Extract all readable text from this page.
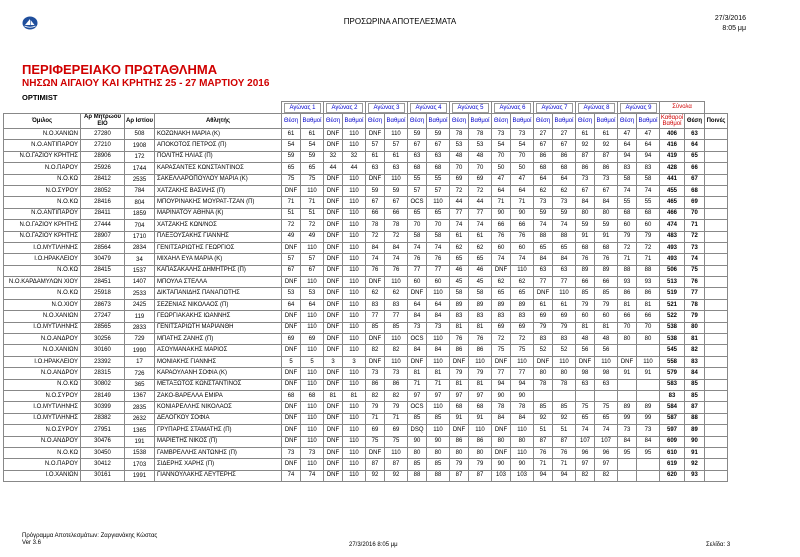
ΠΡΟΣΩΡΙΝΑ ΑΠΟΤΕΛΕΣΜΑΤΑ	27/3/2016
8:05 μμ
ΠΕΡΙΦΕΡΕΙΑΚΟ ΠΡΩΤΑΘΛΗΜΑ
ΝΗΣΩΝ ΑΙΓΑΙΟΥ ΚΑΙ ΚΡΗΤΗΣ 25 - 27 ΜΑΡΤΙΟΥ 2016
OPTIMIST
				Αγώνας 1		Αγώνας 2		Αγώνας 3		Αγώνας 4		Αγώνας 5		Αγώνας 6		Αγώνας 7		Αγώνας 8		Αγώνας 9		Σύνολα		
Όμιλος	Αρ Μητρώου ΕΙΟ	Αρ Ιστίου	Αθλητής	Θέση	Βαθμοί	Θέση	Βαθμοί	Θέση	Βαθμοί	Θέση	Βαθμοί	Θέση	Βαθμοί	Θέση	Βαθμοί	Θέση	Βαθμοί	Θέση	Βαθμοί	Θέση	Βαθμοί	Καθαροί Βαθμοί	Θέση	Ποινές
Ν.Ο.ΧΑΝΙΩΝ	27280	508	ΚΟΖΩΝΑΚΗ ΜΑΡΙΑ (Κ)	61	61	DNF	110	DNF	110	59	59	78	78	73	73	27	27	61	61	47	47	406	63	
Ν.Ο.ΑΝΤΙΠΑΡΟΥ	27210	1908	ΑΠΟΚΟΤΟΣ ΠΕΤΡΟΣ (Π)	54	54	DNF	110	57	57	67	67	53	53	54	54	67	67	92	92	64	64	416	64	
Ν.Ο.ΓΑΖΙΟΥ ΚΡΗΤΗΣ	28906	172	ΠΟΛΙΤΗΣ ΗΛΙΑΣ (Π)	59	59	32	32	61	61	63	63	48	48	70	70	86	86	87	87	94	94	419	65	
Ν.Ο.ΠΑΡΟΥ	25926	1744	ΚΑΡΑΣΑΝΤΕΣ ΚΩΝΣΤΑΝΤΙΝΟΣ	65	65	44	44	63	63	68	68	70	70	50	50	68	68	86	86	83	83	428	66	
Ν.Ο.ΚΩ	28412	2535	ΣΑΚΕΛΛΑΡΟΠΟΥΛΟΥ ΜΑΡΙΑ (Κ)	75	75	DNF	110	DNF	110	55	55	69	69	47	47	64	64	73	73	58	58	441	67	
Ν.Ο.ΣΥΡΟΥ	28052	784	ΧΑΤΖΑΚΗΣ ΒΑΣΙΛΗΣ (Π)	DNF	110	DNF	110	59	59	57	57	72	72	64	64	62	62	67	67	74	74	455	68	
Ν.Ο.ΚΩ	28416	804	ΜΠΟΥΡΙΝΑΚΗΣ ΜΟΥΡΑΤ-ΤΖΑΝ (Π)	71	71	DNF	110	67	67	OCS	110	44	44	71	71	73	73	84	84	55	55	465	69	
Ν.Ο.ΑΝΤΙΠΑΡΟΥ	28411	1859	ΜΑΡΙΝΑΤΟΥ ΑΘΗΝΑ (Κ)	51	51	DNF	110	66	66	65	65	77	77	90	90	59	59	80	80	68	68	466	70	
Ν.Ο.ΓΑΖΙΟΥ ΚΡΗΤΗΣ	27444	704	ΧΑΤΖΑΚΗΣ ΚΩΝ/ΝΟΣ	72	72	DNF	110	78	78	70	70	74	74	66	66	74	74	59	59	60	60	474	71	
Ν.Ο.ΓΑΖΙΟΥ ΚΡΗΤΗΣ	28907	1710	ΠΛΕΞΟΥΣΑΚΗΣ ΓΙΑΝΝΗΣ	49	49	DNF	110	72	72	58	58	61	61	76	76	88	88	91	91	79	79	483	72	
Ι.Ο.ΜΥΤΙΛΗΝΗΣ	28564	2834	ΓΕΝΙΤΣΑΡΙΩΤΗΣ ΓΕΩΡΓΙΟΣ	DNF	110	DNF	110	84	84	74	74	62	62	60	60	65	65	68	68	72	72	493	73	
Ι.Ο.ΗΡΑΚΛΕΙΟΥ	30479	34	ΜΙΧΑΗΛ ΕΥΑ ΜΑΡΙΑ (Κ)	57	57	DNF	110	74	74	76	76	65	65	74	74	84	84	76	76	71	71	493	74	
Ν.Ο.ΚΩ	28415	1537	ΚΑΠΑΣΑΚΑΛΗΣ ΔΗΜΗΤΡΗΣ (Π)	67	67	DNF	110	76	76	77	77	46	46	DNF	110	63	63	89	89	88	88	506	75	
Ν.Ο.ΚΑΡΔΑΜΥΛΩΝ ΧΙΟΥ	28451	1407	ΜΠΟΥΛΑ ΣΤΕΛΛΑ	DNF	110	DNF	110	DNF	110	60	60	45	45	62	62	77	77	66	66	93	93	513	76	
Ν.Ο.ΚΩ	25918	2533	ΔΙΚΤΑΠΑΝΙΔΗΣ ΠΑΝΑΓΙΩΤΗΣ	53	53	DNF	110	62	62	DNF	110	58	58	65	65	DNF	110	85	85	86	86	519	77	
Ν.Ο.ΧΙΟΥ	28673	2425	ΣΕΖΕΝΙΑΣ ΝΙΚΟΛΑΟΣ (Π)	64	64	DNF	110	83	83	64	64	89	89	89	89	61	61	79	79	81	81	521	78	
Ν.Ο.ΧΑΝΙΩΝ	27247	119	ΓΕΩΡΓΙΑΚΑΚΗΣ ΙΩΑΝΝΗΣ	DNF	110	DNF	110	77	77	84	84	83	83	83	83	69	69	60	60	66	66	522	79	
Ι.Ο.ΜΥΤΙΛΗΝΗΣ	28565	2833	ΓΕΝΙΤΣΑΡΙΩΤΗ ΜΑΡΙΑΝΘΗ	DNF	110	DNF	110	85	85	73	73	81	81	69	69	79	79	81	81	70	70	538	80	
Ν.Ο.ΑΝΔΡΟΥ	30256	729	ΜΠΑΤΗΣ ΖΑΝΗΣ (Π)	69	69	DNF	110	DNF	110	OCS	110	76	76	72	72	83	83	48	48	80	80	538	81	
Ν.Ο.ΧΑΝΙΩΝ	30160	1990	ΑΣΟΥΜΑΝΑΚΗΣ ΜΑΡΙΟΣ	DNF	110	DNF	110	82	82	84	84	86	86	75	75	52	52	56	56			545	82	
Ι.Ο.ΗΡΑΚΛΕΙΟΥ	23392	17	ΜΟΝΙΑΚΗΣ ΓΙΑΝΝΗΣ	5	5	3	3	DNF	110	DNF	110	DNF	110	DNF	110	DNF	110	DNF	110	DNF	110	558	83	
Ν.Ο.ΑΝΔΡΟΥ	28315	726	ΚΑΡΑΟΥΛΑΝΗ ΣΟΦΙΑ (Κ)	DNF	110	DNF	110	73	73	81	81	79	79	77	77	80	80	98	98	91	91	579	84	
Ν.Ο.ΚΩ	30802	365	ΜΕΤΑΞΩΤΟΣ ΚΩΝΣΤΑΝΤΙΝΟΣ	DNF	110	DNF	110	86	86	71	71	81	81	94	94	78	78	63	63			583	85	
Ν.Ο.ΣΥΡΟΥ	28149	1367	ΖΑΚΟ-ΒΑΡΕΛΛΑ ΕΜΙΡΑ	68	68	81	81	82	82	97	97	97	97	90	90							83	85	
Ι.Ο.ΜΥΤΙΛΗΝΗΣ	30399	2835	ΚΟΝΙΑΡΕΛΛΗΣ ΝΙΚΟΛΑΟΣ	DNF	110	DNF	110	79	79	OCS	110	68	68	78	78	85	85	75	75	89	89	584	87	
Ι.Ο.ΜΥΤΙΛΗΝΗΣ	28382	2632	ΔΕΛΟΓΚΟΥ ΣΟΦΙΑ	DNF	110	DNF	110	71	71	85	85	91	91	84	84	92	92	65	65	99	99	587	88	
Ν.Ο.ΣΥΡΟΥ	27951	1365	ΓΡΥΠΑΡΗΣ ΣΤΑΜΑΤΗΣ (Π)	DNF	110	DNF	110	69	69	DSQ	110	DNF	110	DNF	110	51	51	74	74	73	73	597	89	
Ν.Ο.ΑΝΔΡΟΥ	30476	191	ΜΑΡΙΕΤΗΣ ΝΙΚΟΣ (Π)	DNF	110	DNF	110	75	75	90	90	86	86	80	80	87	87	107	107	84	84	609	90	
Ν.Ο.ΚΩ	30450	1538	ΓΑΜΒΡΕΛΛΗΣ ΑΝΤΩΝΗΣ (Π)	73	73	DNF	110	DNF	110	80	80	80	80	DNF	110	76	76	96	96	95	95	610	91	
Ν.Ο.ΠΑΡΟΥ	30412	1703	ΣΙΔΕΡΗΣ ΧΑΡΗΣ (Π)	DNF	110	DNF	110	87	87	85	85	79	79	90	90	71	71	97	97			619	92	
Ι.Ο.ΧΑΝΙΩΝ	30161	1991	ΓΙΑΝΝΟΥΛΑΚΗΣ ΛΕΥΤΕΡΗΣ	74	74	DNF	110	92	92	88	88	87	87	103	103	94	94	82	82			620	93	
Πρόγραμμα Αποτελεσμάτων: Ζαργιανάκης Κώστας
Ver 3.6	27/3/2016 8:05 μμ	Σελίδα: 3
